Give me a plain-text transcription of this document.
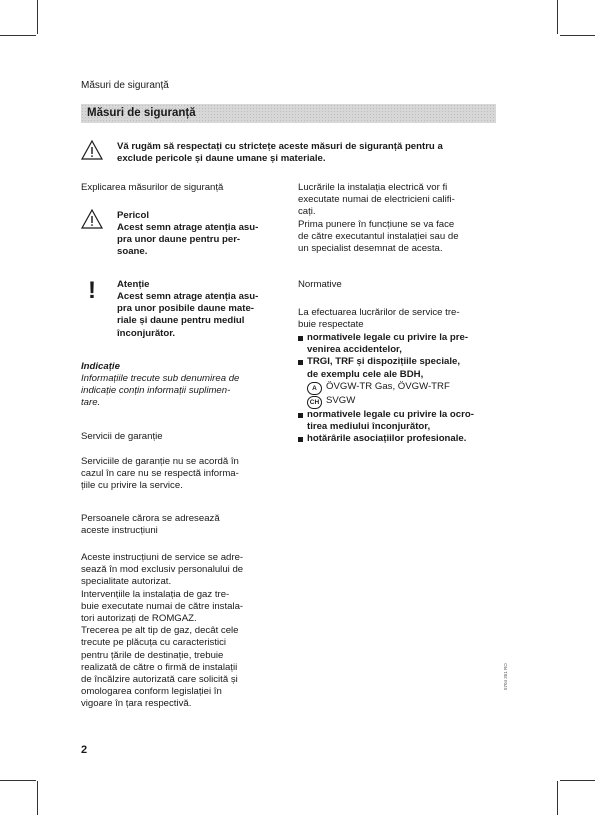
Măsuri de siguranță
Măsuri de siguranță

Vă rugăm să respectați cu strictețe aceste măsuri de siguranță pentru a
exclude pericole și daune umane și materiale.

Explicarea măsurilor de siguranță

Pericol

Acest semn atrage atenția asu-
pra unor daune pentru per-
soane.

! Atenție

Acest semn atrage atenția asu-
pra unor posibile daune mate-
riale și daune pentru mediul
înconjurător.

Indicație

Informațiile trecute sub denumirea de
indicație conțin informații suplimen-
tare.

Servicii de garanție

Serviciile de garanție nu se acordă în
cazul în care nu se respectă informa-
țiile cu privire la service.

Persoanele cărora se adresează
aceste instrucțiuni

Aceste instrucțiuni de service se adre-
sează în mod exclusiv personalului de
specialitate autorizat.
Intervențiile la instalația de gaz tre-
buie executate numai de către instala-
tori autorizați de ROMGAZ.
Trecerea pe alt tip de gaz, decât cele
trecute pe plăcuța cu caracteristici
pentru țările de destinație, trebuie
realizată de către o firmă de instalații
de încălzire autorizată care solicită și
omologarea conform legislației în
vigoare în țara respectivă.

Lucrările la instalația electrică vor fi
executate numai de electricieni califi-
cați.
Prima punere în funcțiune se va face
de către executantul instalației sau de
un specialist desemnat de acesta.

Normative

La efectuarea lucrărilor de service tre-
buie respectate

normativele legale cu privire la pre-
venirea accidentelor,

TRGI, TRF și dispozițiile speciale,
de exemplu cele ale BDH,

A ÖVGW-TR Gas, ÖVGW-TRF
CH SVGW

normativele legale cu privire la ocro-
tirea mediului înconjurător,

hotărârile asociațiilor profesionale.

5704 351 RO
2
